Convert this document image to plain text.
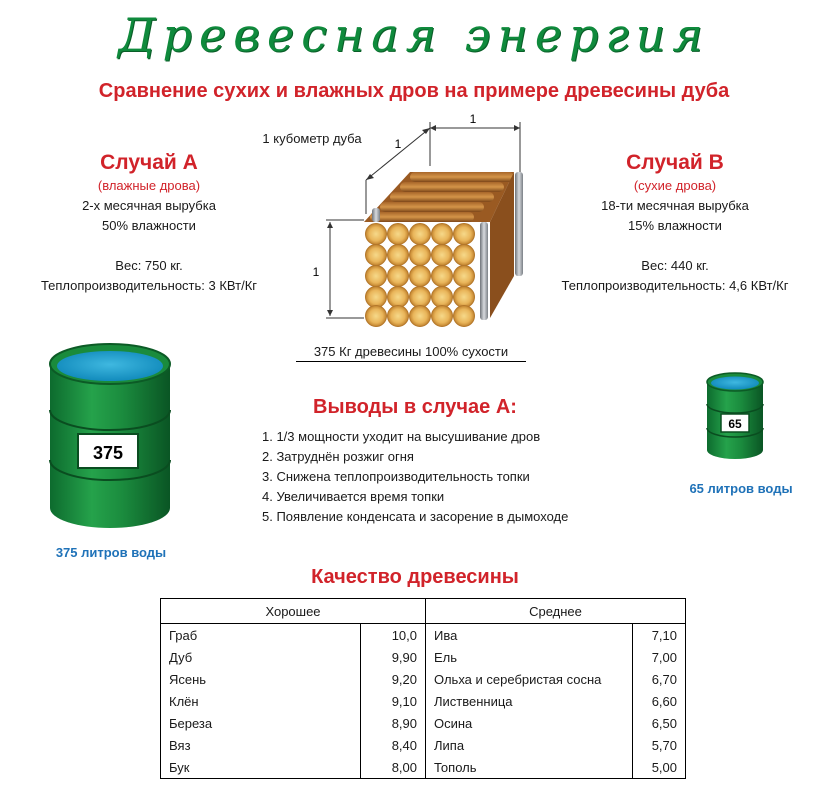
Древесная энергия
Сравнение сухих и влажных дров на примере древесины дуба
Случай А
(влажные дрова)
2-х месячная вырубка
50% влажности
Вес: 750 кг.
Теплопроизводительность: 3 КВт/Кг
Случай В
(сухие дрова)
18-ти месячная вырубка
15% влажности
Вес: 440 кг.
Теплопроизводительность: 4,6 КВт/Кг
1 кубометр дуба
1
1
1
375 Кг древесины 100% сухости
375
375 литров воды
65
65 литров воды
Выводы в случае А:
1. 1/3 мощности уходит на высушивание дров
2. Затруднён розжиг огня
3. Снижена теплопроизводительность топки
4. Увеличивается время топки
5. Появление конденсата и засорение в дымоходе
Качество древесины
Хорошее		Среднее	
Граб	10,0	Ива	7,10
Дуб	9,90	Ель	7,00
Ясень	9,20	Ольха и серебристая сосна	6,70
Клён	9,10	Лиственница	6,60
Береза	8,90	Осина	6,50
Вяз	8,40	Липа	5,70
Бук	8,00	Тополь	5,00
